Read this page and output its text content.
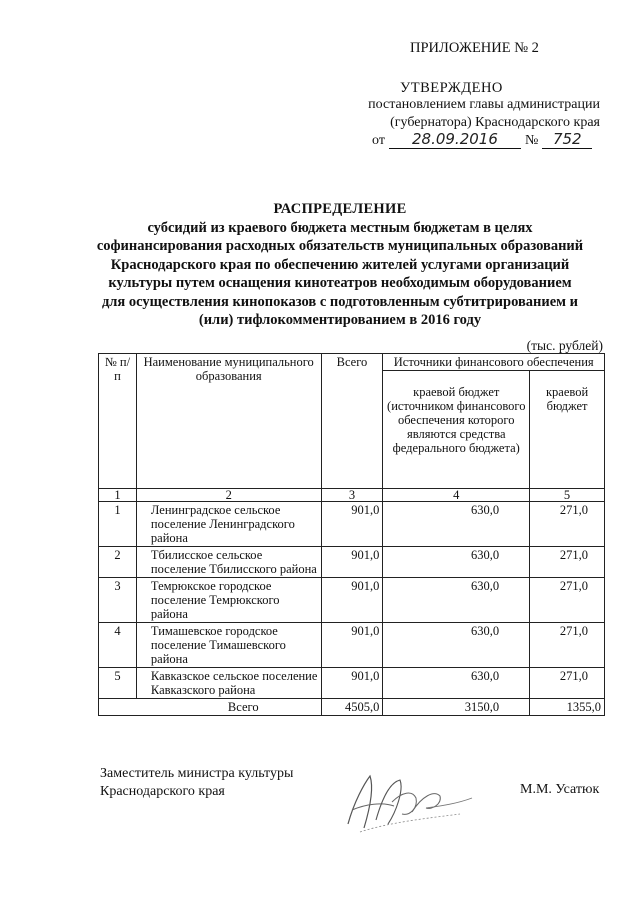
ПРИЛОЖЕНИЕ № 2
УТВЕРЖДЕНО
постановлением главы администрации
(губернатора) Краснодарского края
от	28.09.2016	№ 752
РАСПРЕДЕЛЕНИЕ
субсидий из краевого бюджета местным бюджетам в целях
софинансирования расходных обязательств муниципальных образований
Краснодарского края по обеспечению жителей услугами организаций
культуры путем оснащения кинотеатров необходимым оборудованием
для осуществления кинопоказов с подготовленным субтитрированием и
(или) тифлокомментированием в 2016 году
(тыс. рублей)
№ п/п	Наименование муниципального образования	Всего	Источники финансового обеспечения	
			краевой бюджет (источником финансового обеспечения которого являются средства федерального бюджета)	краевой бюджет
1	2	3	4	5
1	Ленинградское сельское поселение Ленинградского района	901,0	630,0	271,0
2	Тбилисское сельское поселение Тбилисского района	901,0	630,0	271,0
3	Темрюкское городское поселение Темрюкского района	901,0	630,0	271,0
4	Тимашевское городское поселение Тимашевского района	901,0	630,0	271,0
5	Кавказское сельское поселение Кавказского района	901,0	630,0	271,0
Всего		4505,0	3150,0	1355,0
Заместитель министра культуры
Краснодарского края	М.М. Усатюк
